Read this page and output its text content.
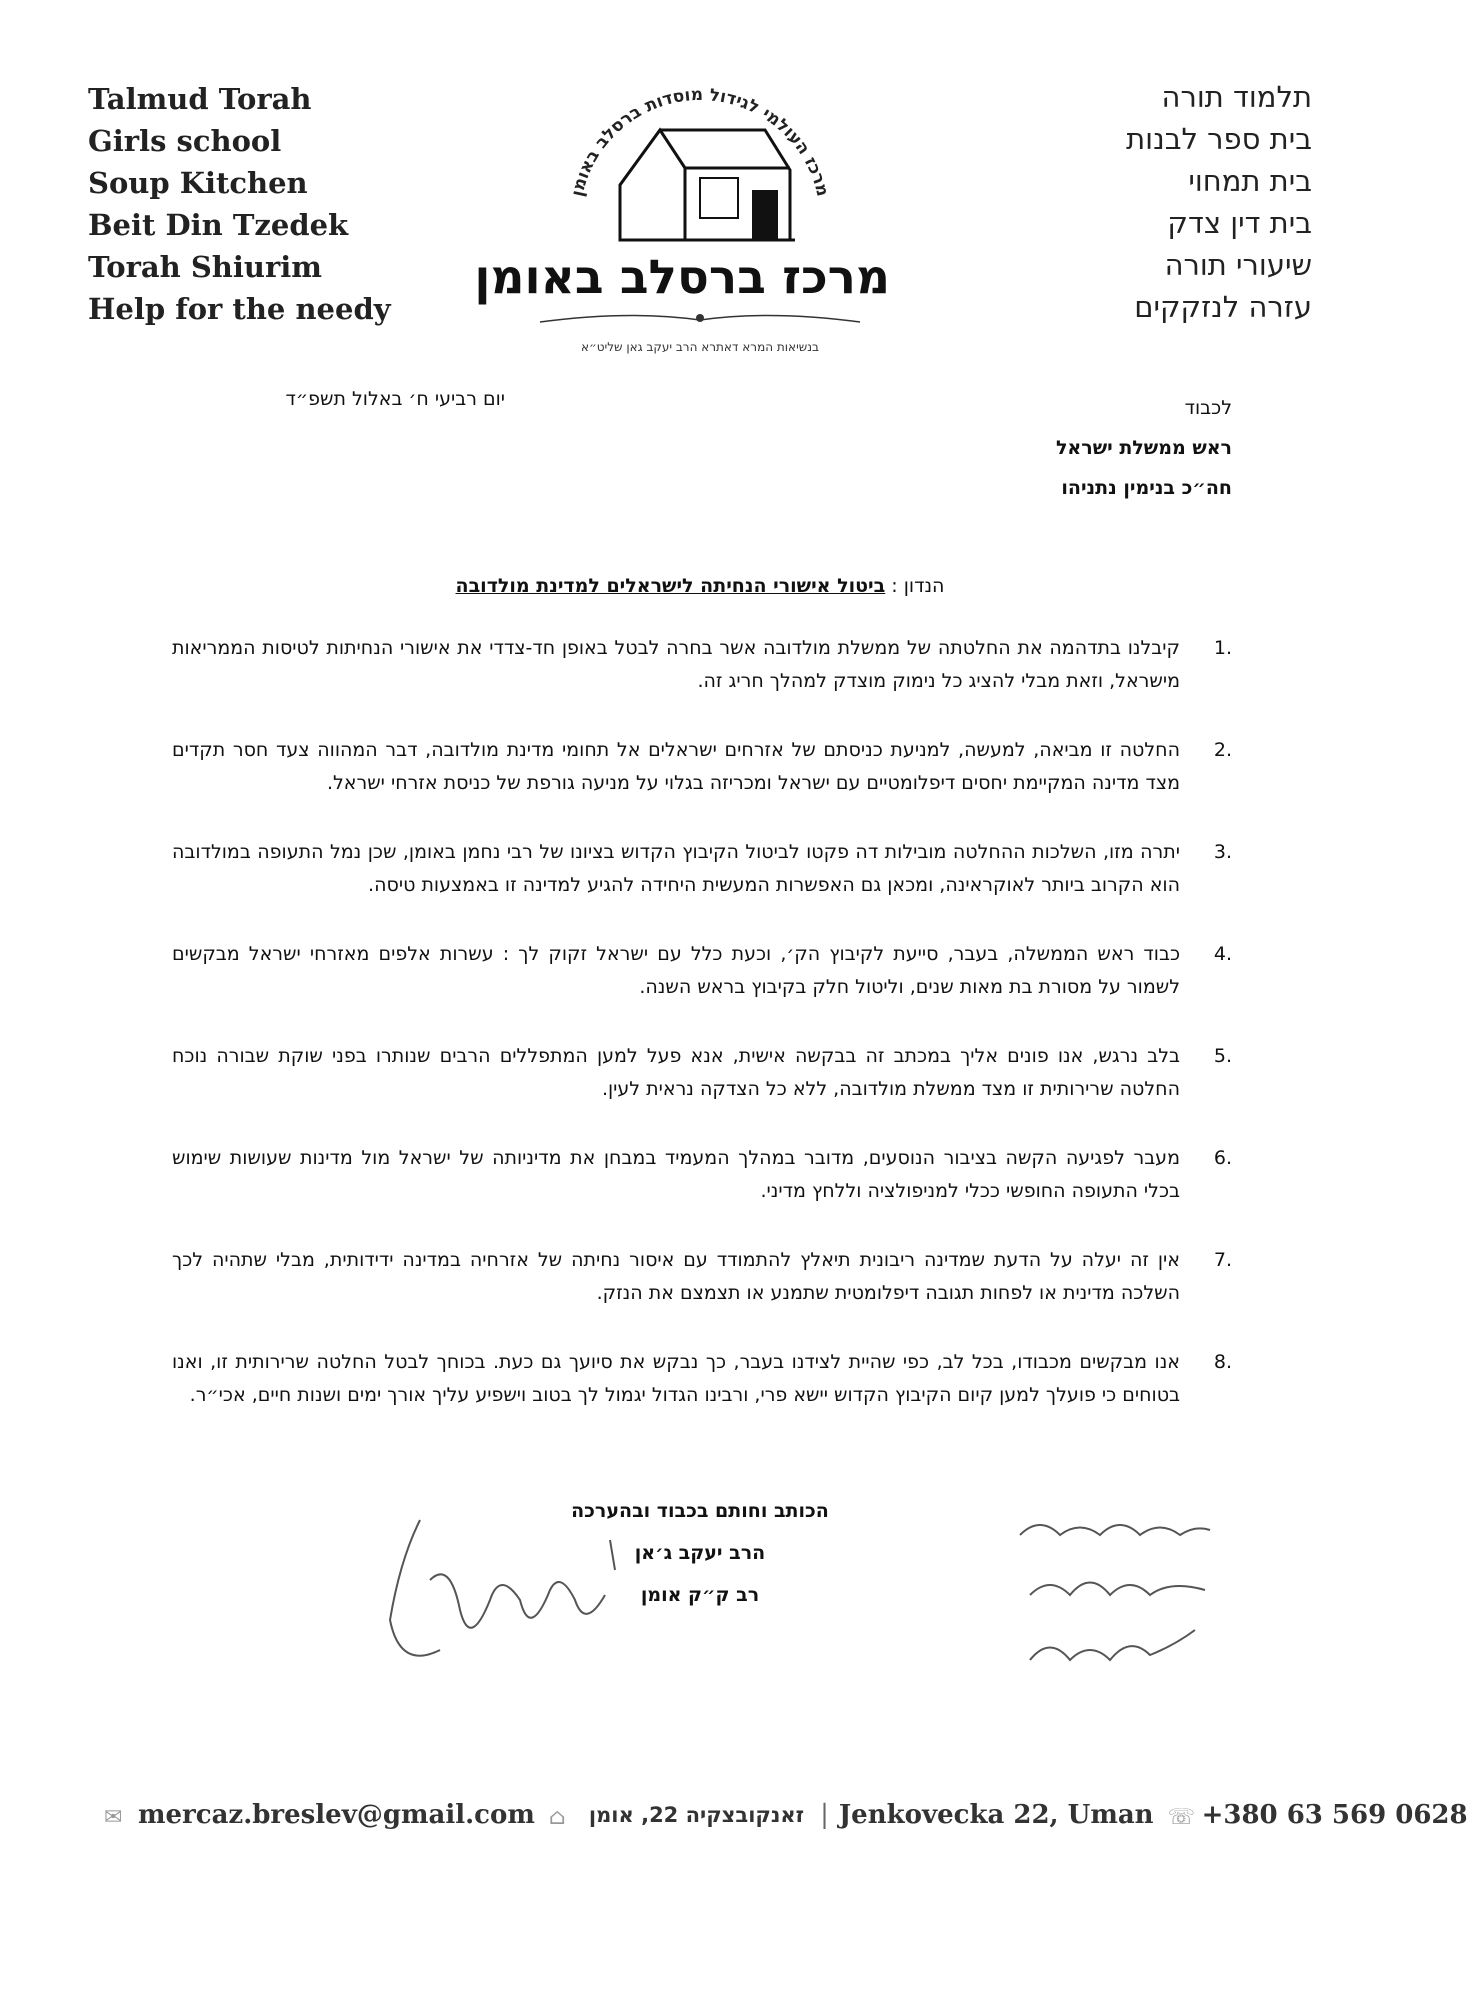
Talmud Torah
Girls school
Soup Kitchen
Beit Din Tzedek
Torah Shiurim
Help for the needy
מרכז העולמי לגידול מוסדות ברסלב באומן
מרכז ברסלב באומן
בנשיאות המרא דאתרא הרב יעקב גאן שליט״א
תלמוד תורה
בית ספר לבנות
בית תמחוי
בית דין צדק
שיעורי תורה
עזרה לנזקקים
לכבוד
ראש ממשלת ישראל
חה״כ בנימין נתניהו
יום רביעי ח׳ באלול תשפ״ד
הנדון : ביטול אישורי הנחיתה לישראלים למדינת מולדובה
1.
קיבלנו בתדהמה את החלטתה של ממשלת מולדובה אשר בחרה לבטל באופן חד-צדדי את אישורי הנחיתות לטיסות הממריאות מישראל, וזאת מבלי להציג כל נימוק מוצדק למהלך חריג זה.
2.
החלטה זו מביאה, למעשה, למניעת כניסתם של אזרחים ישראלים אל תחומי מדינת מולדובה, דבר המהווה צעד חסר תקדים מצד מדינה המקיימת יחסים דיפלומטיים עם ישראל ומכריזה בגלוי על מניעה גורפת של כניסת אזרחי ישראל.
3.
יתרה מזו, השלכות ההחלטה מובילות דה פקטו לביטול הקיבוץ הקדוש בציונו של רבי נחמן באומן, שכן נמל התעופה במולדובה הוא הקרוב ביותר לאוקראינה, ומכאן גם האפשרות המעשית היחידה להגיע למדינה זו באמצעות טיסה.
4.
כבוד ראש הממשלה, בעבר, סייעת לקיבוץ הק׳, וכעת כלל עם ישראל זקוק לך : עשרות אלפים מאזרחי ישראל מבקשים לשמור על מסורת בת מאות שנים, וליטול חלק בקיבוץ בראש השנה.
5.
בלב נרגש, אנו פונים אליך במכתב זה בבקשה אישית, אנא פעל למען המתפללים הרבים שנותרו בפני שוקת שבורה נוכח החלטה שרירותית זו מצד ממשלת מולדובה, ללא כל הצדקה נראית לעין.
6.
מעבר לפגיעה הקשה בציבור הנוסעים, מדובר במהלך המעמיד במבחן את מדיניותה של ישראל מול מדינות שעושות שימוש בכלי התעופה החופשי ככלי למניפולציה וללחץ מדיני.
7.
אין זה יעלה על הדעת שמדינה ריבונית תיאלץ להתמודד עם איסור נחיתה של אזרחיה במדינה ידידותית, מבלי שתהיה לכך השלכה מדינית או לפחות תגובה דיפלומטית שתמנע או תצמצם את הנזק.
8.
אנו מבקשים מכבודו, בכל לב, כפי שהיית לצידנו בעבר, כך נבקש את סיועך גם כעת. בכוחך לבטל החלטה שרירותית זו, ואנו בטוחים כי פועלך למען קיום הקיבוץ הקדוש יישא פרי, ורבינו הגדול יגמול לך בטוב וישפיע עליך אורך ימים ושנות חיים, אכי״ר.
הכותב וחותם בכבוד ובהערכה
הרב יעקב ג׳אן
רב ק״ק אומן
✉ mercaz.breslev@gmail.com ⌂	זאנקובצקיה 22, אומן | Jenkovecka 22, Uman ☏ +380 63 569 0628
